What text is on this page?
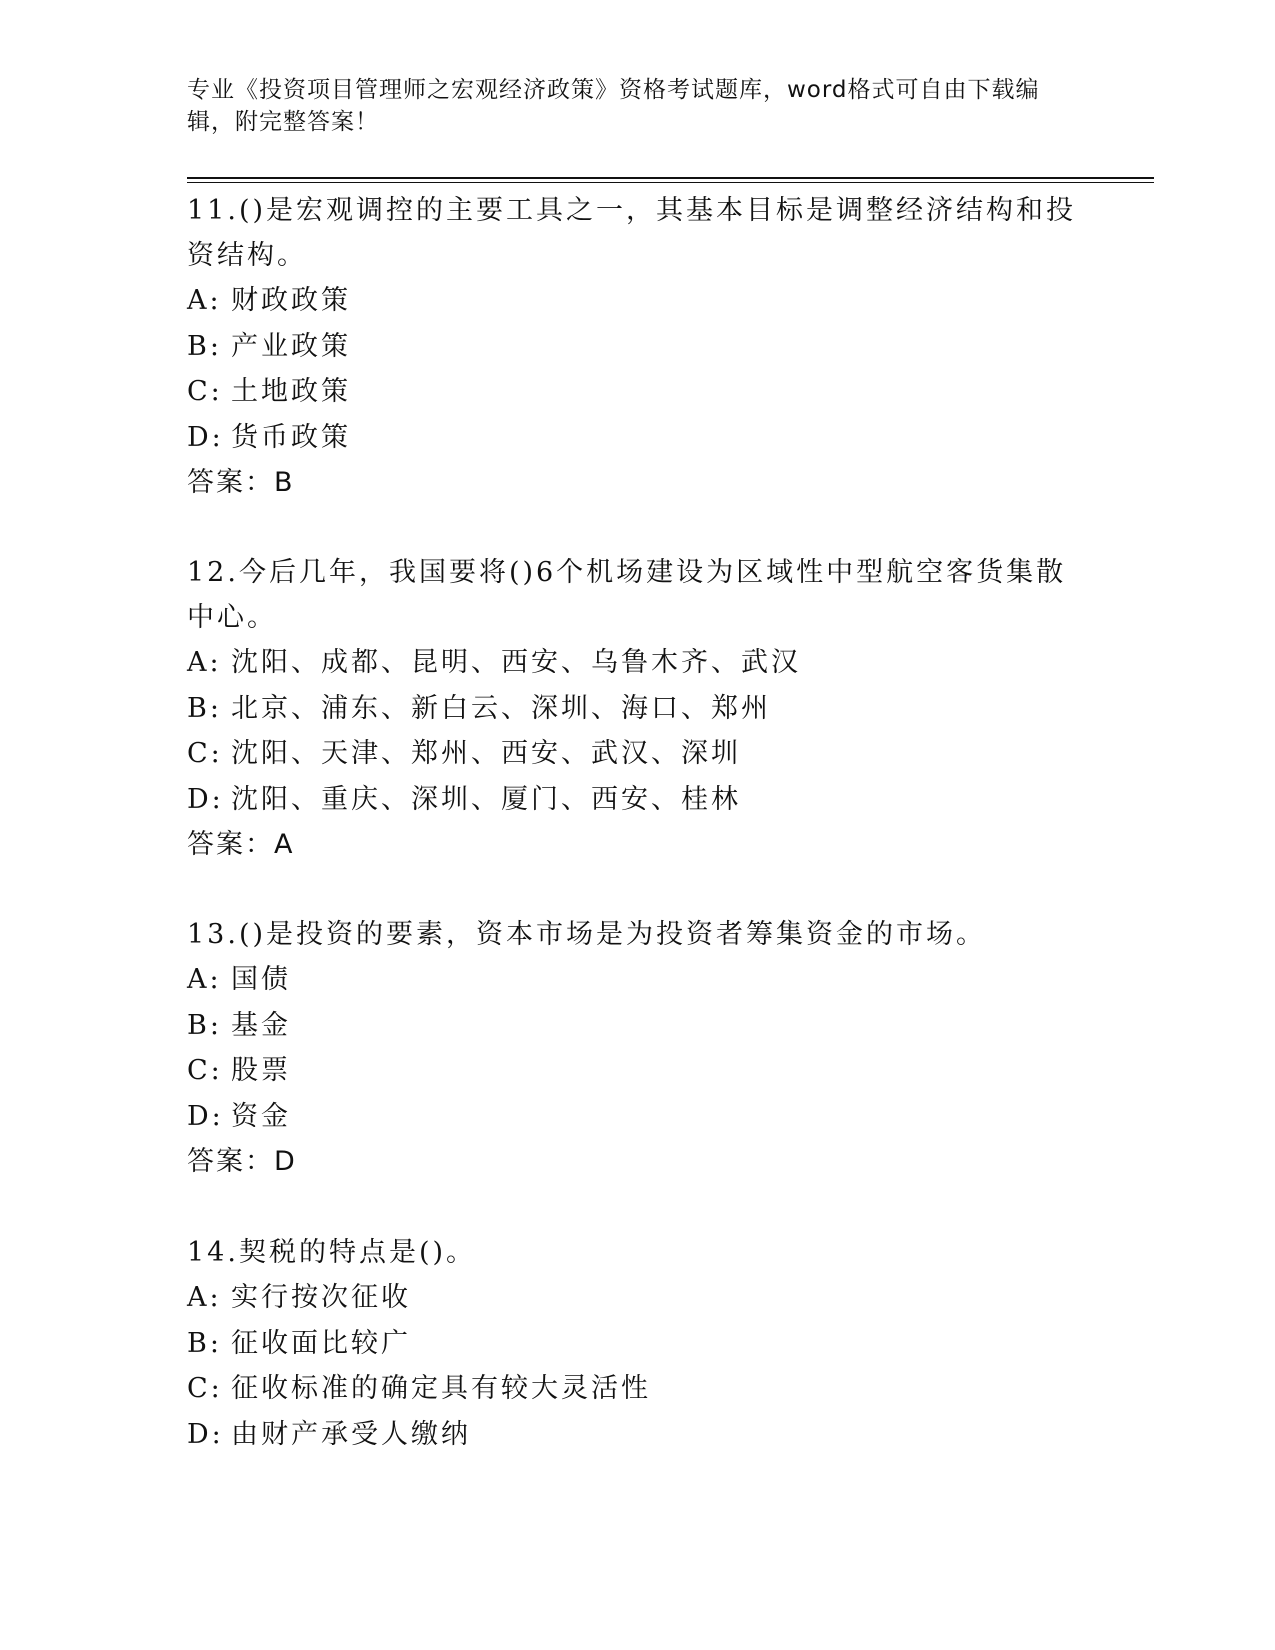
专业《投资项目管理师之宏观经济政策》资格考试题库，word格式可自由下载编辑，附完整答案！

11.()是宏观调控的主要工具之一，其基本目标是调整经济结构和投资结构。

A: 财政政策

B: 产业政策

C: 土地政策

D: 货币政策

答案：B

12.今后几年，我国要将()6个机场建设为区域性中型航空客货集散中心。

A: 沈阳、成都、昆明、西安、乌鲁木齐、武汉

B: 北京、浦东、新白云、深圳、海口、郑州

C: 沈阳、天津、郑州、西安、武汉、深圳

D: 沈阳、重庆、深圳、厦门、西安、桂林

答案：A

13.()是投资的要素，资本市场是为投资者筹集资金的市场。

A: 国债

B: 基金

C: 股票

D: 资金

答案：D

14.契税的特点是()。

A: 实行按次征收

B: 征收面比较广

C: 征收标准的确定具有较大灵活性

D: 由财产承受人缴纳
